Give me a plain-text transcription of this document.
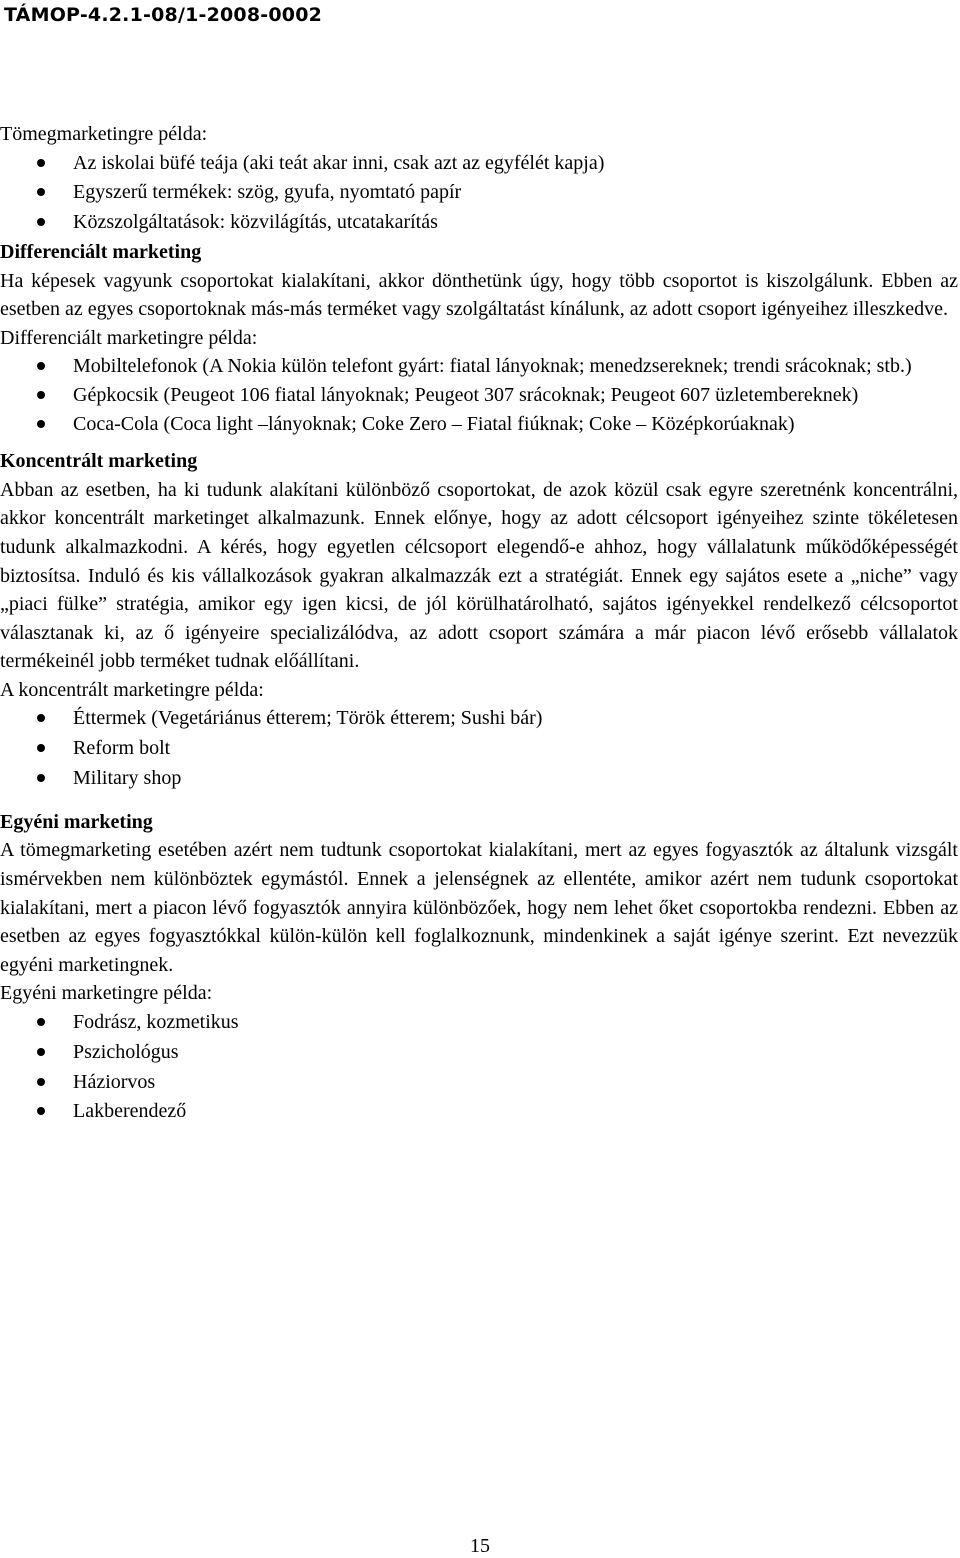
TÁMOP-4.2.1-08/1-2008-0002

Tömegmarketingre példa:

Az iskolai büfé teája (aki teát akar inni, csak azt az egyfélét kapja)
Egyszerű termékek: szög, gyufa, nyomtató papír
Közszolgáltatások: közvilágítás, utcatakarítás

Differenciált marketing

Ha képesek vagyunk csoportokat kialakítani, akkor dönthetünk úgy, hogy több csoportot is kiszolgálunk. Ebben az esetben az egyes csoportoknak más-más terméket vagy szolgáltatást kínálunk, az adott csoport igényeihez illeszkedve.

Differenciált marketingre példa:

Mobiltelefonok (A Nokia külön telefont gyárt: fiatal lányoknak; menedzsereknek; trendi srácoknak; stb.)
Gépkocsik (Peugeot 106 fiatal lányoknak; Peugeot 307 srácoknak; Peugeot 607 üzletembereknek)
Coca-Cola (Coca light –lányoknak; Coke Zero – Fiatal fiúknak; Coke – Középkorúaknak)

Koncentrált marketing

Abban az esetben, ha ki tudunk alakítani különböző csoportokat, de azok közül csak egyre szeretnénk koncentrálni, akkor koncentrált marketinget alkalmazunk. Ennek előnye, hogy az adott célcsoport igényeihez szinte tökéletesen tudunk alkalmazkodni. A kérés, hogy egyetlen célcsoport elegendő-e ahhoz, hogy vállalatunk működőképességét biztosítsa. Induló és kis vállalkozások gyakran alkalmazzák ezt a stratégiát. Ennek egy sajátos esete a „niche” vagy „piaci fülke” stratégia, amikor egy igen kicsi, de jól körülhatárolható, sajátos igényekkel rendelkező célcsoportot választanak ki, az ő igényeire specializálódva, az adott csoport számára a már piacon lévő erősebb vállalatok termékeinél jobb terméket tudnak előállítani.

A koncentrált marketingre példa:

Éttermek (Vegetáriánus étterem; Török étterem; Sushi bár)
Reform bolt
Military shop

Egyéni marketing

A tömegmarketing esetében azért nem tudtunk csoportokat kialakítani, mert az egyes fogyasztók az általunk vizsgált ismérvekben nem különböztek egymástól. Ennek a jelenségnek az ellentéte, amikor azért nem tudunk csoportokat kialakítani, mert a piacon lévő fogyasztók annyira különbözőek, hogy nem lehet őket csoportokba rendezni. Ebben az esetben az egyes fogyasztókkal külön-külön kell foglalkoznunk, mindenkinek a saját igénye szerint. Ezt nevezzük egyéni marketingnek.

Egyéni marketingre példa:

Fodrász, kozmetikus
Pszichológus
Háziorvos
Lakberendező
15
